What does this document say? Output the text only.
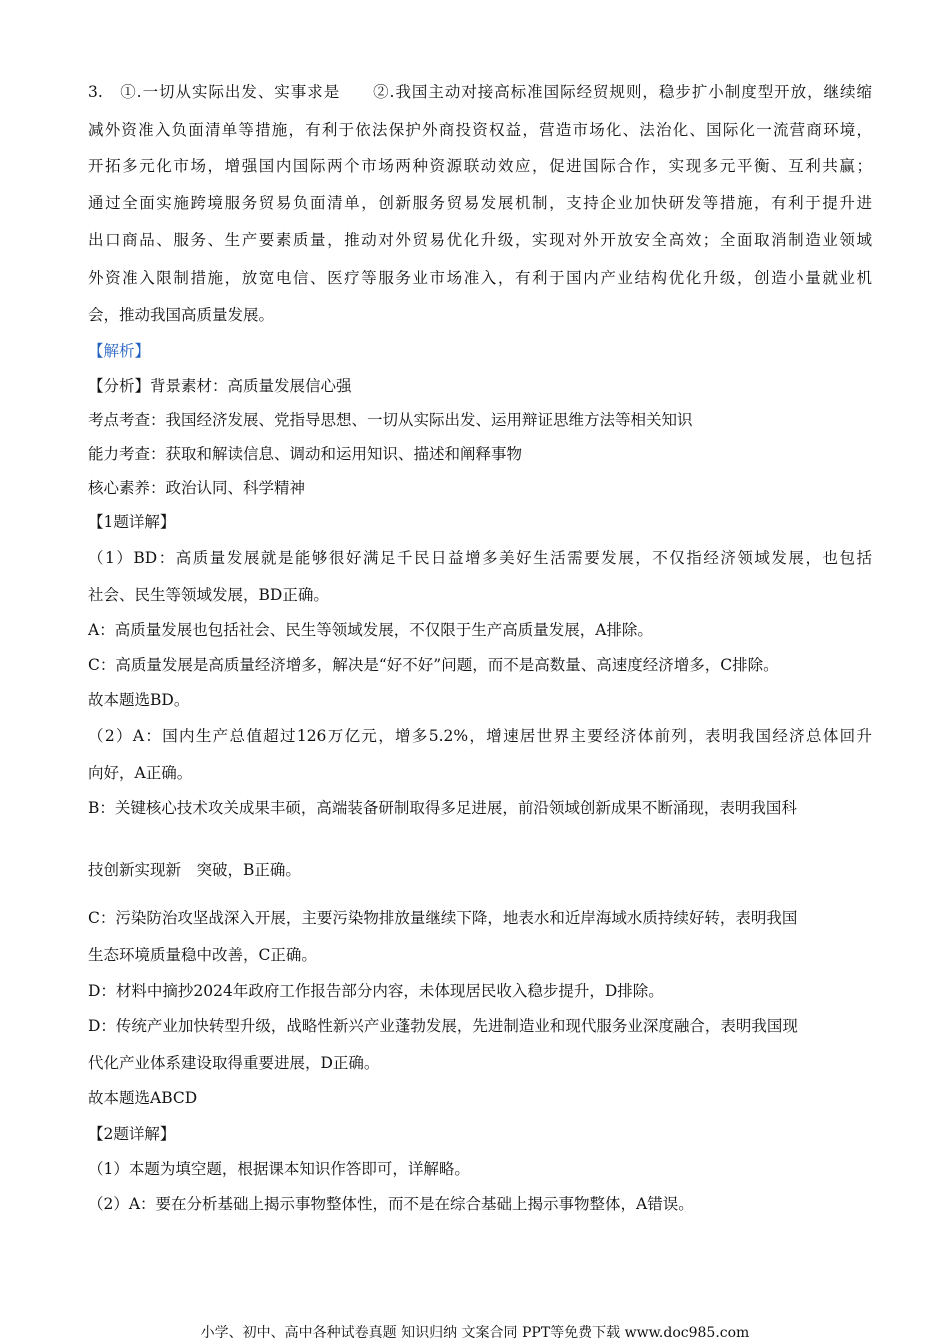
3.　①.一切从实际出发、实事求是　　②.我国主动对接高标准国际经贸规则，稳步扩小制度型开放，继续缩
减外资准入负面清单等措施，有利于依法保护外商投资权益，营造市场化、法治化、国际化一流营商环境，
开拓多元化市场，增强国内国际两个市场两种资源联动效应，促进国际合作，实现多元平衡、互利共赢；
通过全面实施跨境服务贸易负面清单，创新服务贸易发展机制，支持企业加快研发等措施，有利于提升进
出口商品、服务、生产要素质量，推动对外贸易优化升级，实现对外开放安全高效；全面取消制造业领域
外资准入限制措施，放宽电信、医疗等服务业市场准入，有利于国内产业结构优化升级，创造小量就业机
会，推动我国高质量发展。
【解析】
【分析】背景素材：高质量发展信心强
考点考查：我国经济发展、党指导思想、一切从实际出发、运用辩证思维方法等相关知识
能力考查：获取和解读信息、调动和运用知识、描述和阐释事物
核心素养：政治认同、科学精神
【1题详解】
（1）BD：高质量发展就是能够很好满足千民日益增多美好生活需要发展，不仅指经济领域发展，也包括
社会、民生等领域发展，BD正确。
A：高质量发展也包括社会、民生等领域发展，不仅限于生产高质量发展，A排除。
C：高质量发展是高质量经济增多，解决是“好不好”问题，而不是高数量、高速度经济增多，C排除。
故本题选BD。
（2）A：国内生产总值超过126万亿元，增多5.2%，增速居世界主要经济体前列，表明我国经济总体回升
向好，A正确。
B：关键核心技术攻关成果丰硕，高端装备研制取得多足进展，前沿领域创新成果不断涌现，表明我国科
技创新实现新　突破，B正确。
C：污染防治攻坚战深入开展，主要污染物排放量继续下降，地表水和近岸海域水质持续好转，表明我国
生态环境质量稳中改善，C正确。
D：材料中摘抄2024年政府工作报告部分内容，未体现居民收入稳步提升，D排除。
D：传统产业加快转型升级，战略性新兴产业蓬勃发展，先进制造业和现代服务业深度融合，表明我国现
代化产业体系建设取得重要进展，D正确。
故本题选ABCD
【2题详解】
（1）本题为填空题，根据课本知识作答即可，详解略。
（2）A：要在分析基础上揭示事物整体性，而不是在综合基础上揭示事物整体，A错误。
小学、初中、高中各种试卷真题 知识归纳 文案合同 PPT等免费下载 www.doc985.com
